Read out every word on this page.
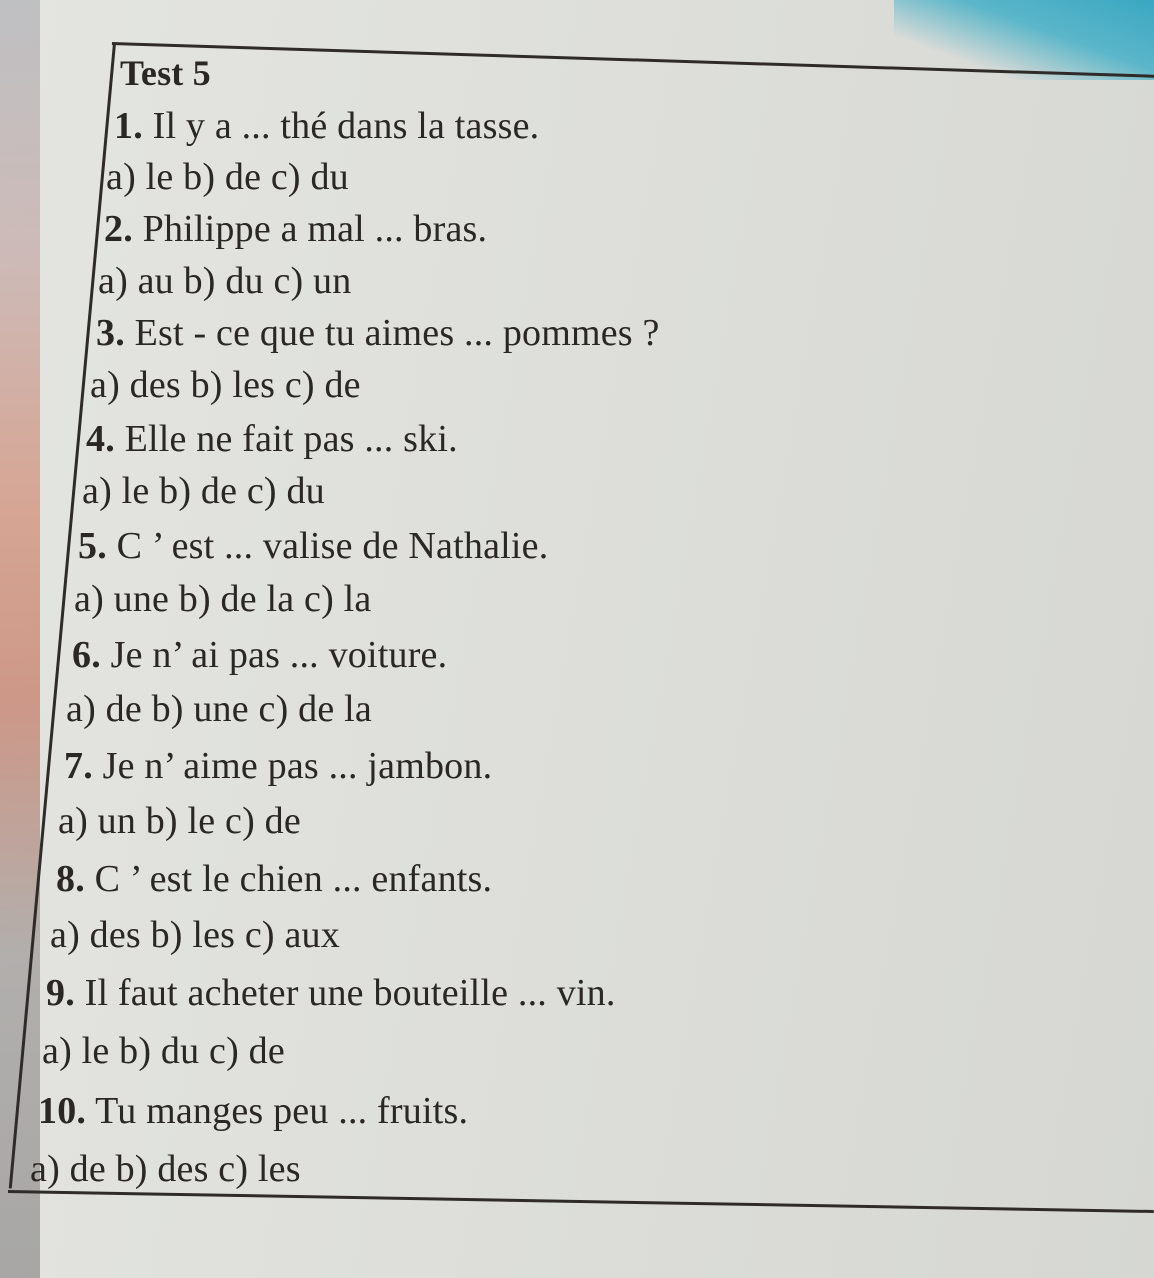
Test 5
1. Il y a ... thé dans la tasse.
a) le b) de c) du
2. Philippe a mal ... bras.
a) au b) du c) un
3. Est - ce que tu aimes ... pommes ?
a) des b) les c) de
4. Elle ne fait pas ... ski.
a) le b) de c) du
5. C ’ est ... valise de Nathalie.
a) une b) de la c) la
6. Je n’ ai pas ... voiture.
a) de b) une c) de la
7. Je n’ aime pas ... jambon.
a) un b) le c) de
8. C ’ est le chien ... enfants.
a) des b) les c) aux
9. Il faut acheter une bouteille ... vin.
a) le b) du c) de
10. Tu manges peu ... fruits.
a) de b) des c) les
